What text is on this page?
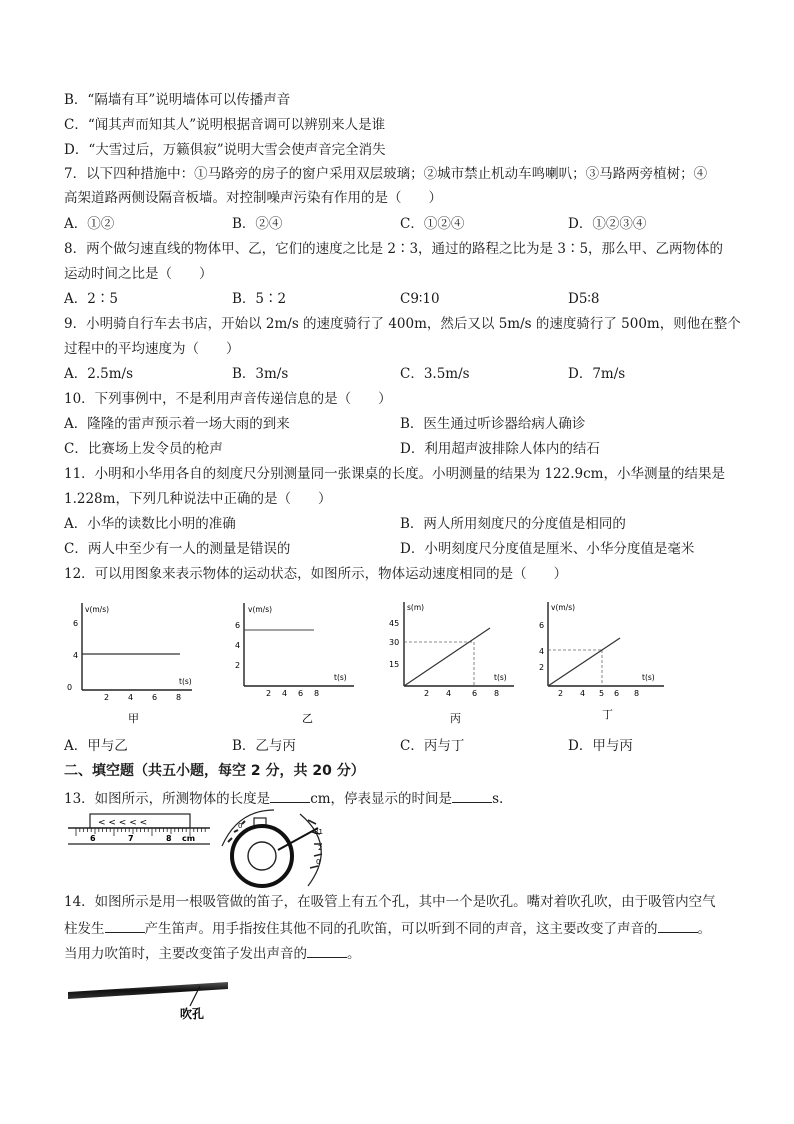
B．“隔墙有耳”说明墙体可以传播声音
C．“闻其声而知其人”说明根据音调可以辨别来人是谁
D．“大雪过后，万籁俱寂”说明大雪会使声音完全消失
7．以下四种措施中：①马路旁的房子的窗户采用双层玻璃；②城市禁止机动车鸣喇叭；③马路两旁植树；④
高架道路两侧设隔音板墙。对控制噪声污染有作用的是（　　）
A．①②	B．②④	C．①②④	D．①②③④
8．两个做匀速直线的物体甲、乙，它们的速度之比是 2∶3，通过的路程之比为是 3∶5，那么甲、乙两物体的
运动时间之比是（　　）
A．2∶5	B．5∶2	C9∶10	D5∶8
9．小明骑自行车去书店，开始以 2m/s 的速度骑行了 400m，然后又以 5m/s 的速度骑行了 500m，则他在整个
过程中的平均速度为（　　）
A．2.5m/s	B．3m/s	C．3.5m/s	D．7m/s
10．下列事例中，不是利用声音传递信息的是（　　）
A．隆隆的雷声预示着一场大雨的到来	B．医生通过听诊器给病人确诊
C．比赛场上发令员的枪声	D．利用超声波排除人体内的结石
11．小明和小华用各自的刻度尺分别测量同一张课桌的长度。小明测量的结果为 122.9cm，小华测量的结果是
1.228m，下列几种说法中正确的是（　　）
A．小华的读数比小明的准确	B．两人所用刻度尺的分度值是相同的
C．两人中至少有一人的测量是错误的	D．小明刻度尺分度值是厘米、小华分度值是毫米
12．可以用图象来表示物体的运动状态，如图所示，物体运动速度相同的是（　　）
v(m/s)
6
4
t(s)
0
2 4 6 8
甲
v(m/s)
6
4
2
t(s)
2 4 6 8
乙
s(m)
45
30
15
t(s)
2 4	6 8
丙
v(m/s)
6
4
2
t(s)
2 4 5 6 8
丁
A．甲与乙	B．乙与丙	C．丙与丁	D．甲与丙
二、填空题（共五小题，每空 2 分，共 20 分）
13．如图所示，所测物体的长度是	cm，停表显示的时间是	s.
< < < < <
6	7	8 cm
0
31
2
0
14．如图所示是用一根吸管做的笛子，在吸管上有五个孔，其中一个是吹孔。嘴对着吹孔吹，由于吸管内空气
柱发生	产生笛声。用手指按住其他不同的孔吹笛，可以听到不同的声音，这主要改变了声音的	。
当用力吹笛时，主要改变笛子发出声音的	。
吹孔
